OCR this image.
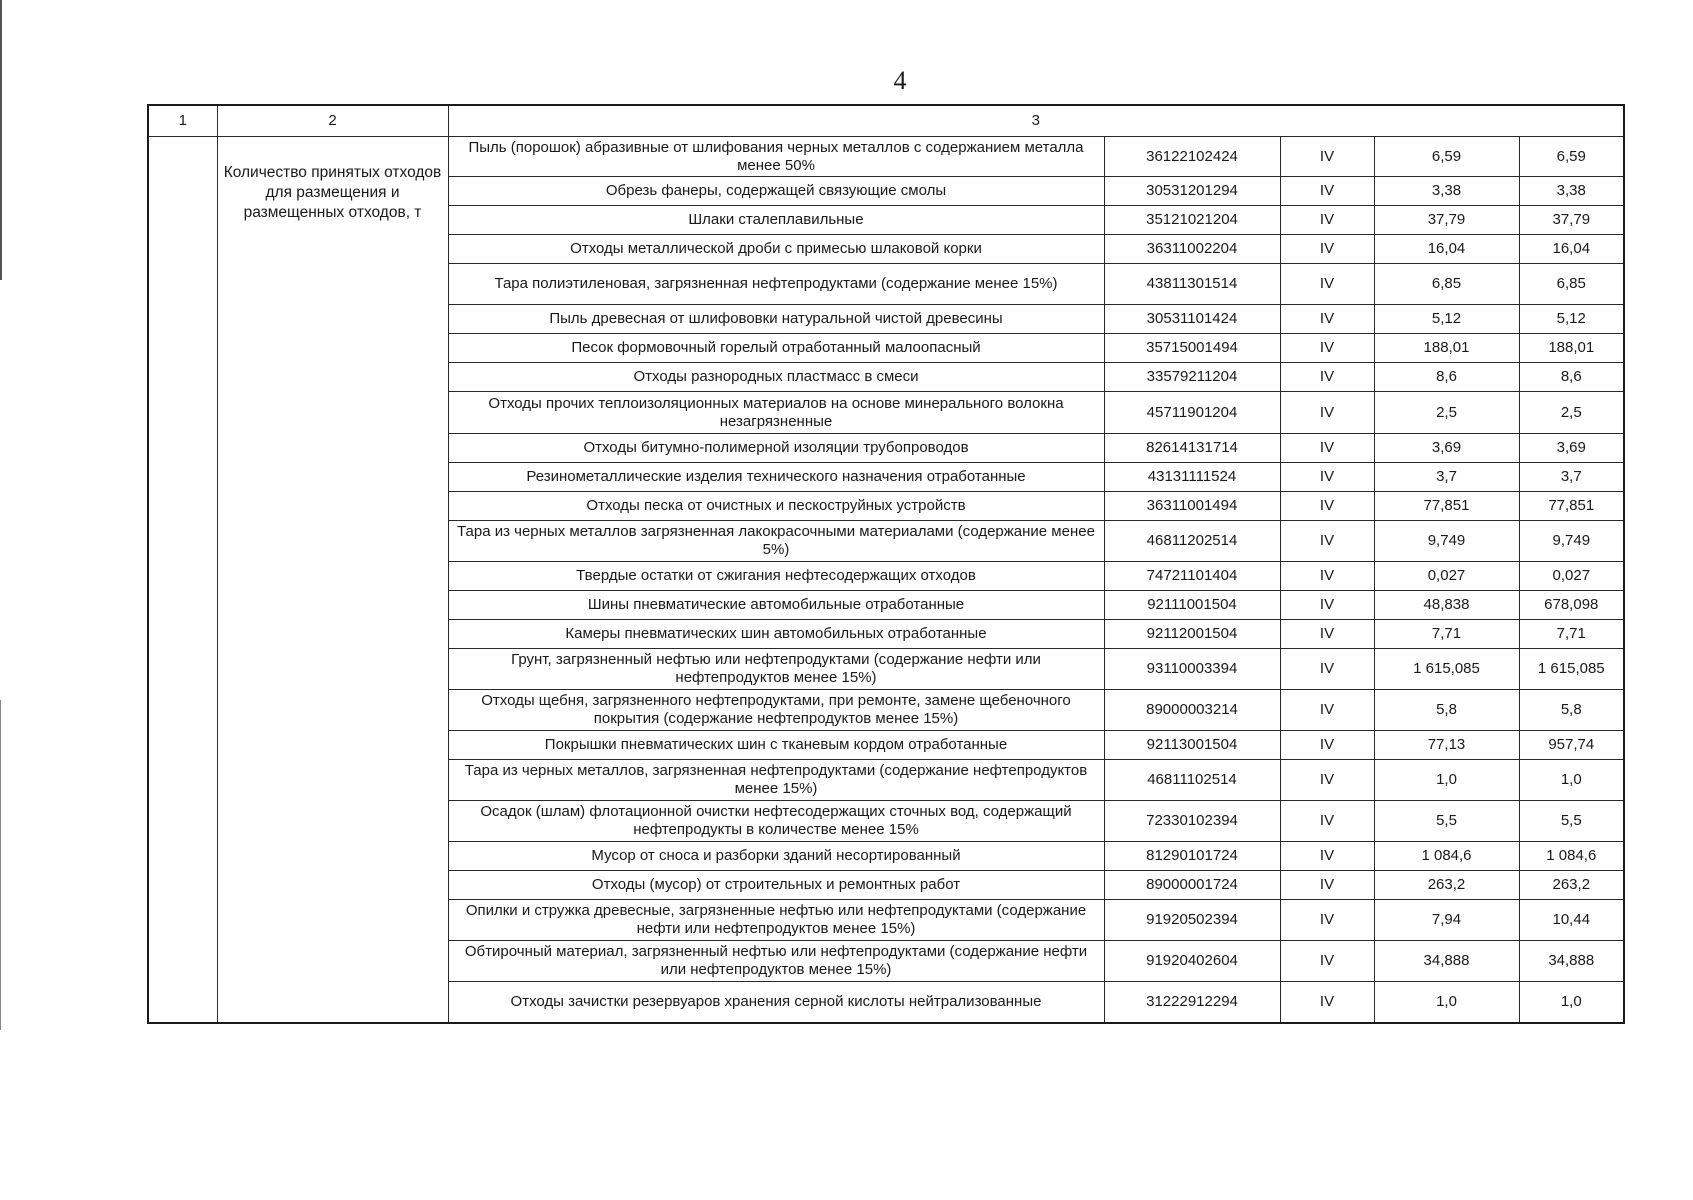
4
1	2	3				
	Количество принятых отходов для размещения и размещенных отходов, т	Пыль (порошок) абразивные от шлифования черных металлов с содержанием металла менее 50%	36122102424	IV	6,59	6,59
		Обрезь фанеры, содержащей связующие смолы	30531201294	IV	3,38	3,38
		Шлаки сталеплавильные	35121021204	IV	37,79	37,79
		Отходы металлической дроби с примесью шлаковой корки	36311002204	IV	16,04	16,04
		Тара полиэтиленовая, загрязненная нефтепродуктами (содержание менее 15%)	43811301514	IV	6,85	6,85
		Пыль древесная от шлифововки натуральной чистой древесины	30531101424	IV	5,12	5,12
		Песок формовочный горелый отработанный малоопасный	35715001494	IV	188,01	188,01
		Отходы разнородных пластмасс в смеси	33579211204	IV	8,6	8,6
		Отходы прочих теплоизоляционных материалов на основе минерального волокна незагрязненные	45711901204	IV	2,5	2,5
		Отходы битумно-полимерной изоляции трубопроводов	82614131714	IV	3,69	3,69
		Резинометаллические изделия технического назначения отработанные	43131111524	IV	3,7	3,7
		Отходы песка от очистных и пескоструйных устройств	36311001494	IV	77,851	77,851
		Тара из черных металлов загрязненная лакокрасочными материалами (содержание менее 5%)	46811202514	IV	9,749	9,749
		Твердые остатки от сжигания нефтесодержащих отходов	74721101404	IV	0,027	0,027
		Шины пневматические автомобильные отработанные	92111001504	IV	48,838	678,098
		Камеры пневматических шин автомобильных отработанные	92112001504	IV	7,71	7,71
		Грунт, загрязненный нефтью или нефтепродуктами (содержание нефти или нефтепродуктов менее 15%)	93110003394	IV	1 615,085	1 615,085
		Отходы щебня, загрязненного нефтепродуктами, при ремонте, замене щебеночного покрытия (содержание нефтепродуктов менее 15%)	89000003214	IV	5,8	5,8
		Покрышки пневматических шин с тканевым кордом отработанные	92113001504	IV	77,13	957,74
		Тара из черных металлов, загрязненная нефтепродуктами (содержание нефтепродуктов менее 15%)	46811102514	IV	1,0	1,0
		Осадок (шлам) флотационной очистки нефтесодержащих сточных вод, содержащий нефтепродукты в количестве менее 15%	72330102394	IV	5,5	5,5
		Мусор от сноса и разборки зданий несортированный	81290101724	IV	1 084,6	1 084,6
		Отходы (мусор) от строительных и ремонтных работ	89000001724	IV	263,2	263,2
		Опилки и стружка древесные, загрязненные нефтью или нефтепродуктами (содержание нефти или нефтепродуктов менее 15%)	91920502394	IV	7,94	10,44
		Обтирочный материал, загрязненный нефтью или нефтепродуктами (содержание нефти или нефтепродуктов менее 15%)	91920402604	IV	34,888	34,888
		Отходы зачистки резервуаров хранения серной кислоты нейтрализованные	31222912294	IV	1,0	1,0
